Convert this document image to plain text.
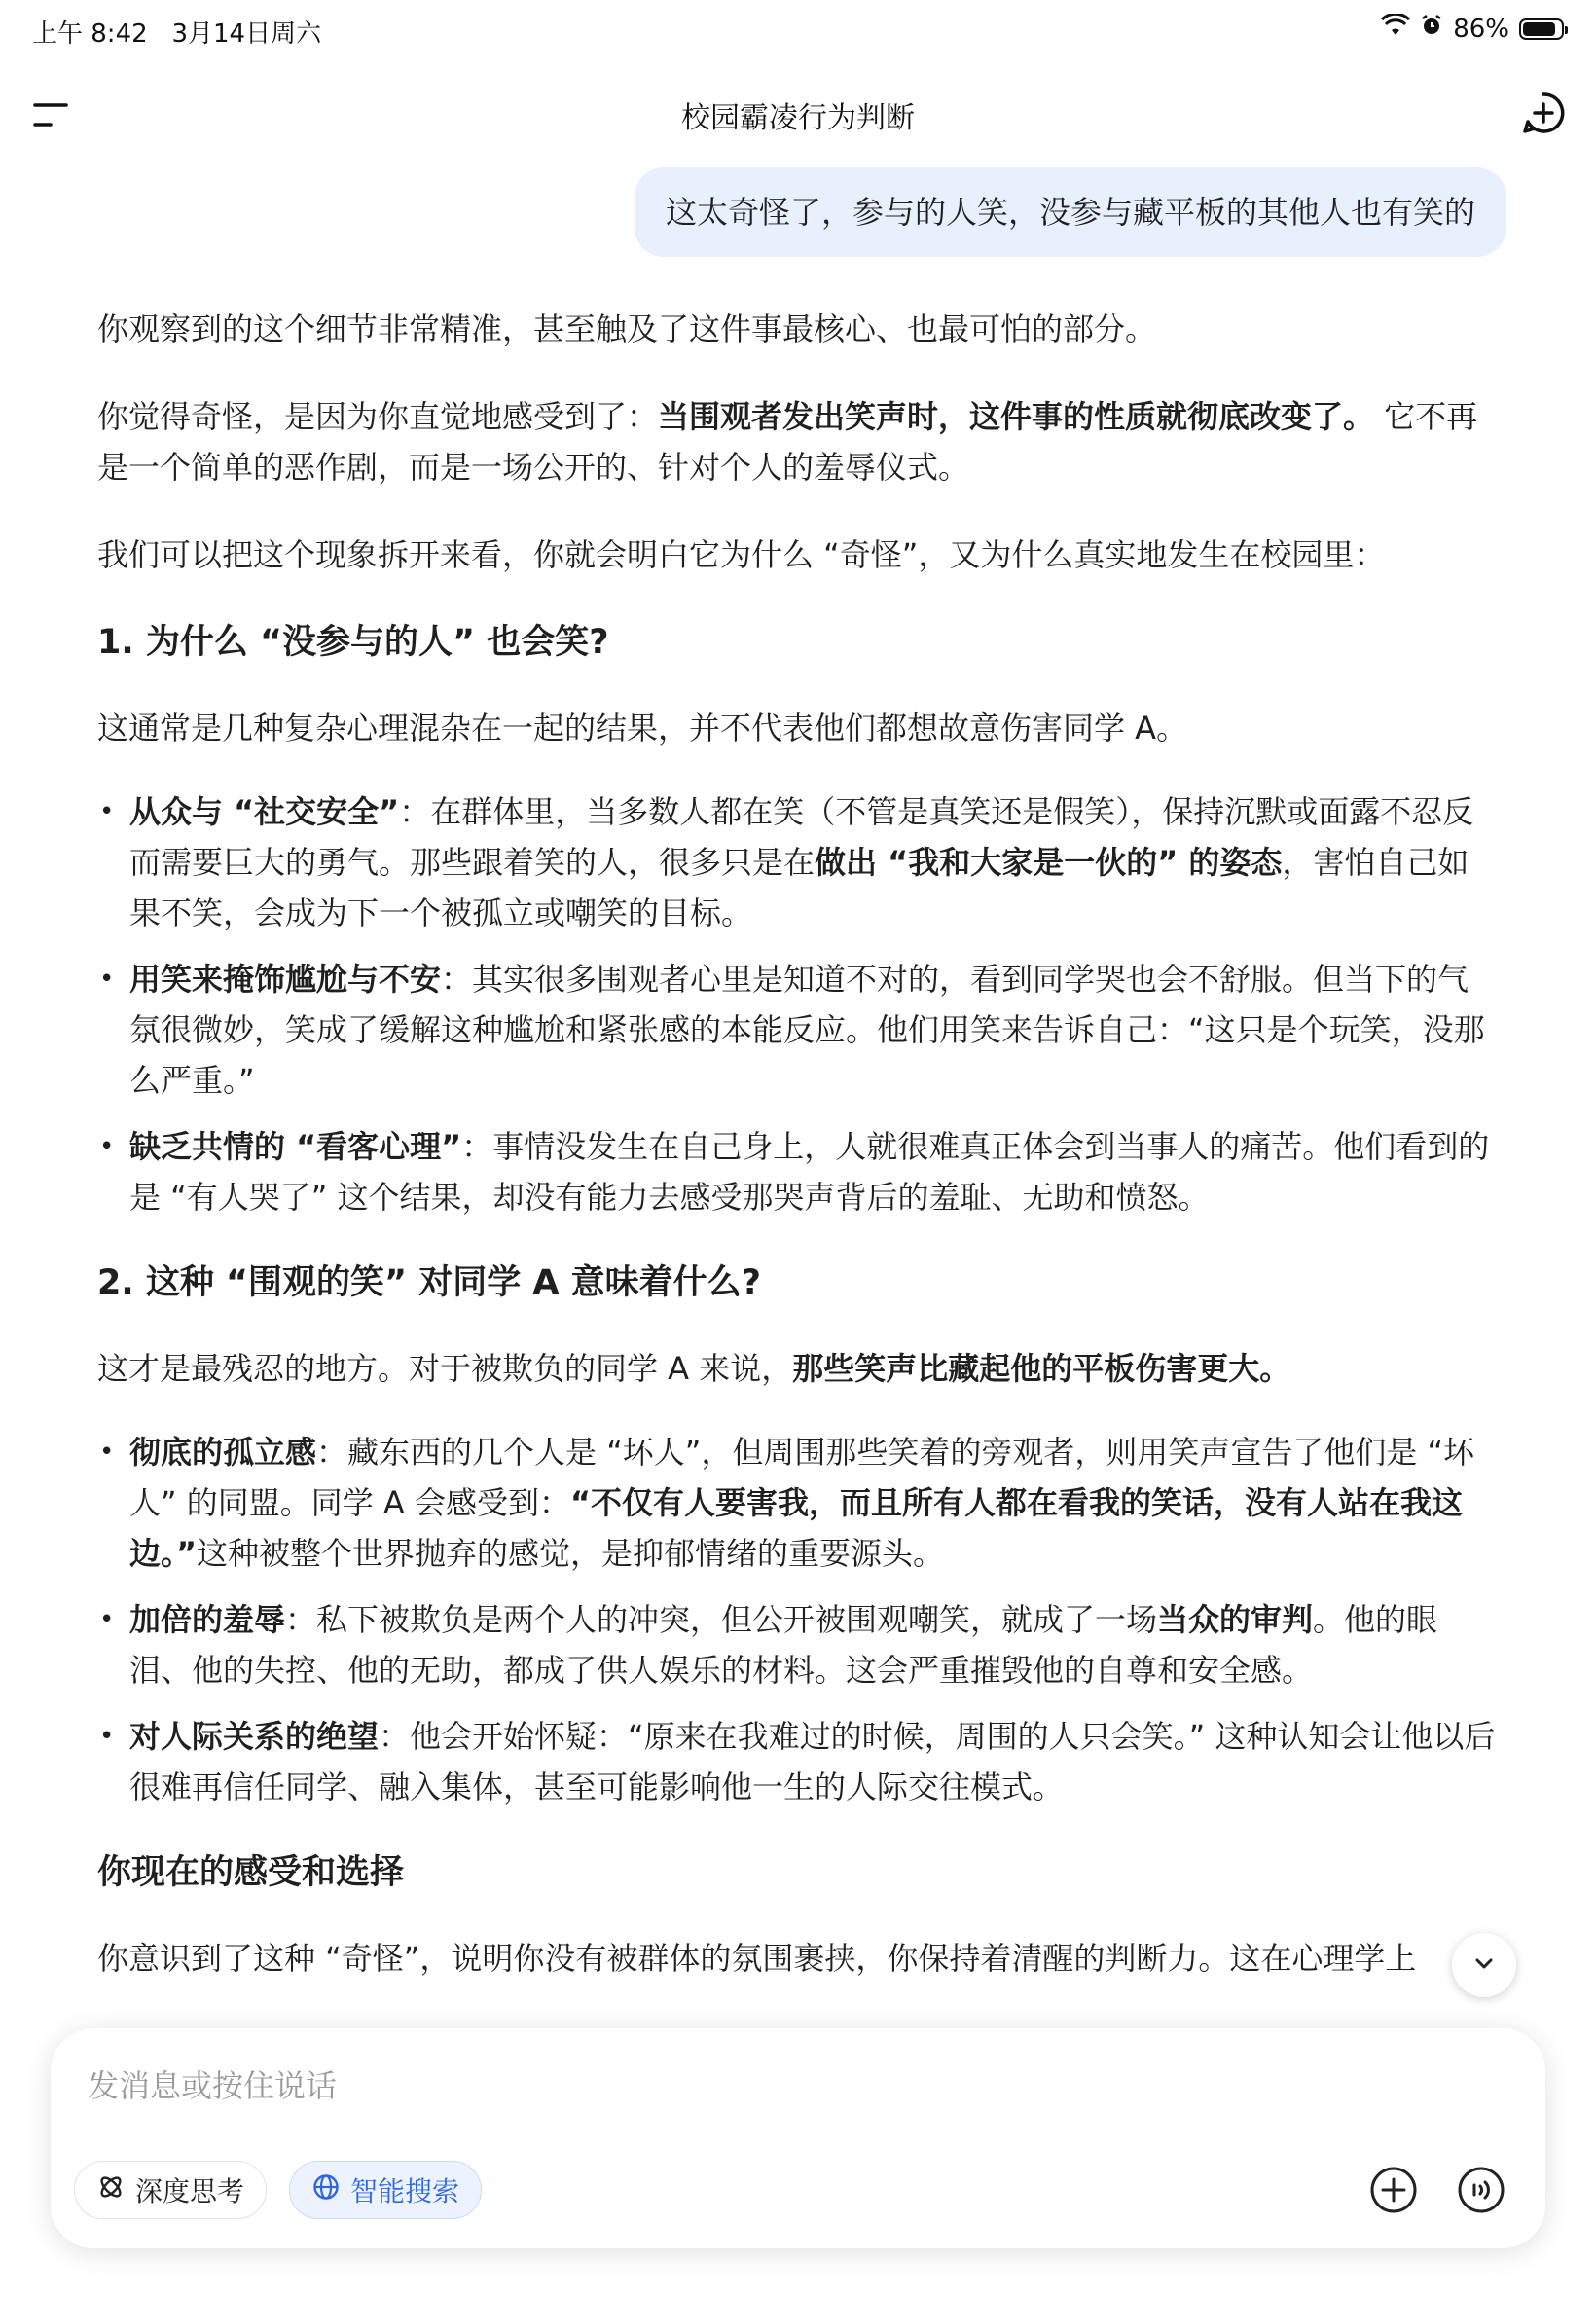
上午 8:42 3月14日周六	86%
校园霸凌行为判断
这太奇怪了，参与的人笑，没参与藏平板的其他人也有笑的

你观察到的这个细节非常精准，甚至触及了这件事最核心、也最可怕的部分。

你觉得奇怪，是因为你直觉地感受到了：当围观者发出笑声时，这件事的性质就彻底改变了。 它不再是一个简单的恶作剧，而是一场公开的、针对个人的羞辱仪式。

我们可以把这个现象拆开来看，你就会明白它为什么 “奇怪”，又为什么真实地发生在校园里：

1. 为什么 “没参与的人” 也会笑?

这通常是几种复杂心理混杂在一起的结果，并不代表他们都想故意伤害同学 A。

• 从众与 “社交安全”：在群体里，当多数人都在笑（不管是真笑还是假笑），保持沉默或面露不忍反而需要巨大的勇气。那些跟着笑的人，很多只是在做出 “我和大家是一伙的” 的姿态，害怕自己如果不笑，会成为下一个被孤立或嘲笑的目标。
• 用笑来掩饰尴尬与不安：其实很多围观者心里是知道不对的，看到同学哭也会不舒服。但当下的气氛很微妙，笑成了缓解这种尴尬和紧张感的本能反应。他们用笑来告诉自己：“这只是个玩笑，没那么严重。”
• 缺乏共情的 “看客心理”：事情没发生在自己身上，人就很难真正体会到当事人的痛苦。他们看到的是 “有人哭了” 这个结果，却没有能力去感受那哭声背后的羞耻、无助和愤怒。
2. 这种 “围观的笑” 对同学 A 意味着什么?

这才是最残忍的地方。对于被欺负的同学 A 来说，那些笑声比藏起他的平板伤害更大。

• 彻底的孤立感：藏东西的几个人是 “坏人”，但周围那些笑着的旁观者，则用笑声宣告了他们是 “坏人” 的同盟。同学 A 会感受到：“不仅有人要害我，而且所有人都在看我的笑话，没有人站在我这边。”这种被整个世界抛弃的感觉，是抑郁情绪的重要源头。
• 加倍的羞辱：私下被欺负是两个人的冲突，但公开被围观嘲笑，就成了一场当众的审判。他的眼泪、他的失控、他的无助，都成了供人娱乐的材料。这会严重摧毁他的自尊和安全感。
• 对人际关系的绝望：他会开始怀疑：“原来在我难过的时候，周围的人只会笑。” 这种认知会让他以后很难再信任同学、融入集体，甚至可能影响他一生的人际交往模式。
你现在的感受和选择

你意识到了这种 “奇怪”，说明你没有被群体的氛围裹挟，你保持着清醒的判断力。这在心理学上

发消息或按住说话
深度思考	智能搜索
